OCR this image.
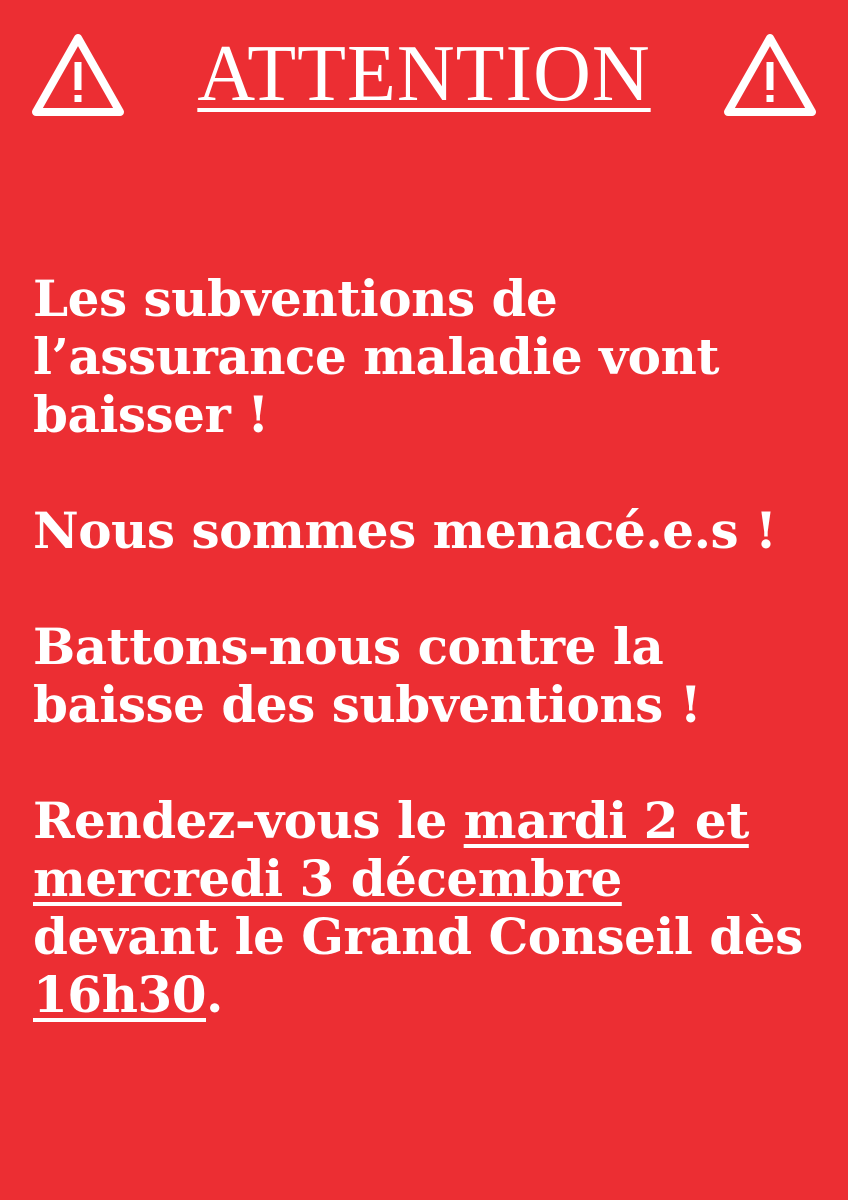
ATTENTION

Les subventions de l’assurance maladie vont baisser !

Nous sommes menacé.e.s !

Battons-nous contre la baisse des subventions !

Rendez-vous le mardi 2 et mercredi 3 décembre devant le Grand Conseil dès 16h30.
